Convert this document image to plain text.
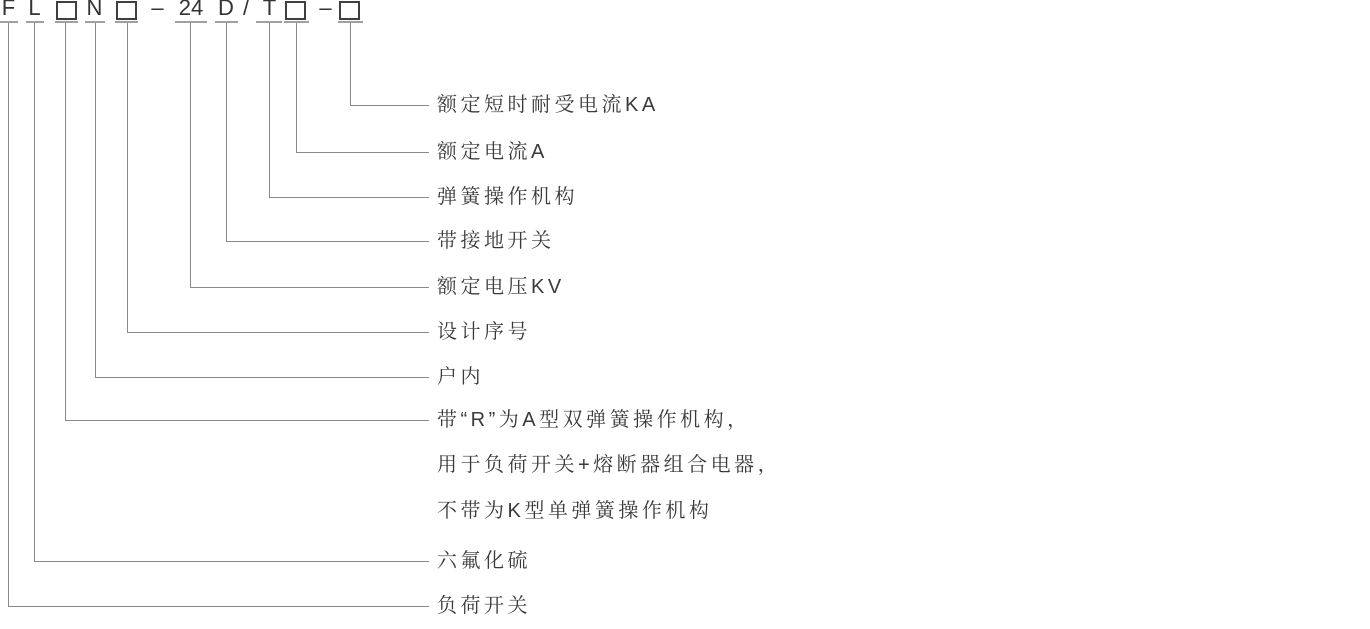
F L N – 24 D / T –
额定短时耐受电流KA
额定电流A
弹簧操作机构
带接地开关
额定电压KV
设计序号
户内
带“R”为A型双弹簧操作机构，
用于负荷开关+熔断器组合电器，
不带为K型单弹簧操作机构
六氟化硫
负荷开关
